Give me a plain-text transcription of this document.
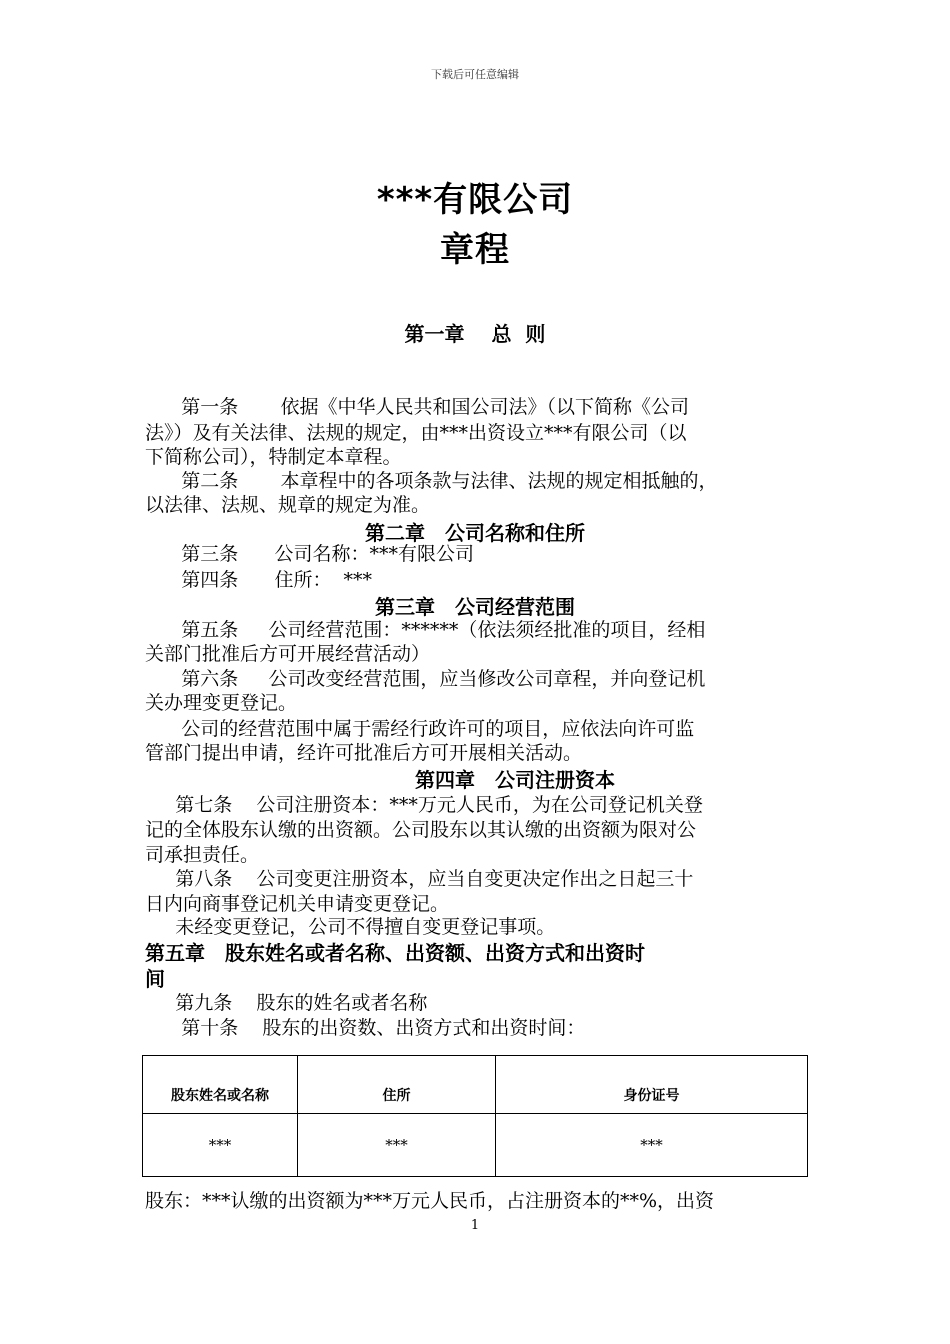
下载后可任意编辑
***有限公司
章程
第一章　 总  则
第一条       依据《中华人民共和国公司法》（以下简称《公司
法》）及有关法律、法规的规定，由***出资设立***有限公司（以
下简称公司），特制定本章程。
第二条       本章程中的各项条款与法律、法规的规定相抵触的，
以法律、法规、规章的规定为准。
第二章　公司名称和住所
第三条      公司名称：***有限公司
第四条      住所：  ***
第三章　公司经营范围
第五条     公司经营范围：******（依法须经批准的项目，经相
关部门批准后方可开展经营活动）
第六条     公司改变经营范围，应当修改公司章程，并向登记机
关办理变更登记。
公司的经营范围中属于需经行政许可的项目，应依法向许可监
管部门提出申请，经许可批准后方可开展相关活动。
第四章　公司注册资本
第七条    公司注册资本：***万元人民币，为在公司登记机关登
记的全体股东认缴的出资额。公司股东以其认缴的出资额为限对公
司承担责任。
第八条    公司变更注册资本，应当自变更决定作出之日起三十
日内向商事登记机关申请变更登记。
未经变更登记，公司不得擅自变更登记事项。
第五章　股东姓名或者名称、出资额、出资方式和出资时
间
第九条    股东的姓名或者名称
第十条    股东的出资数、出资方式和出资时间：
股东姓名或名称	住所	身份证号
***	***	***
股东：***认缴的出资额为***万元人民币，占注册资本的**%，出资
1
